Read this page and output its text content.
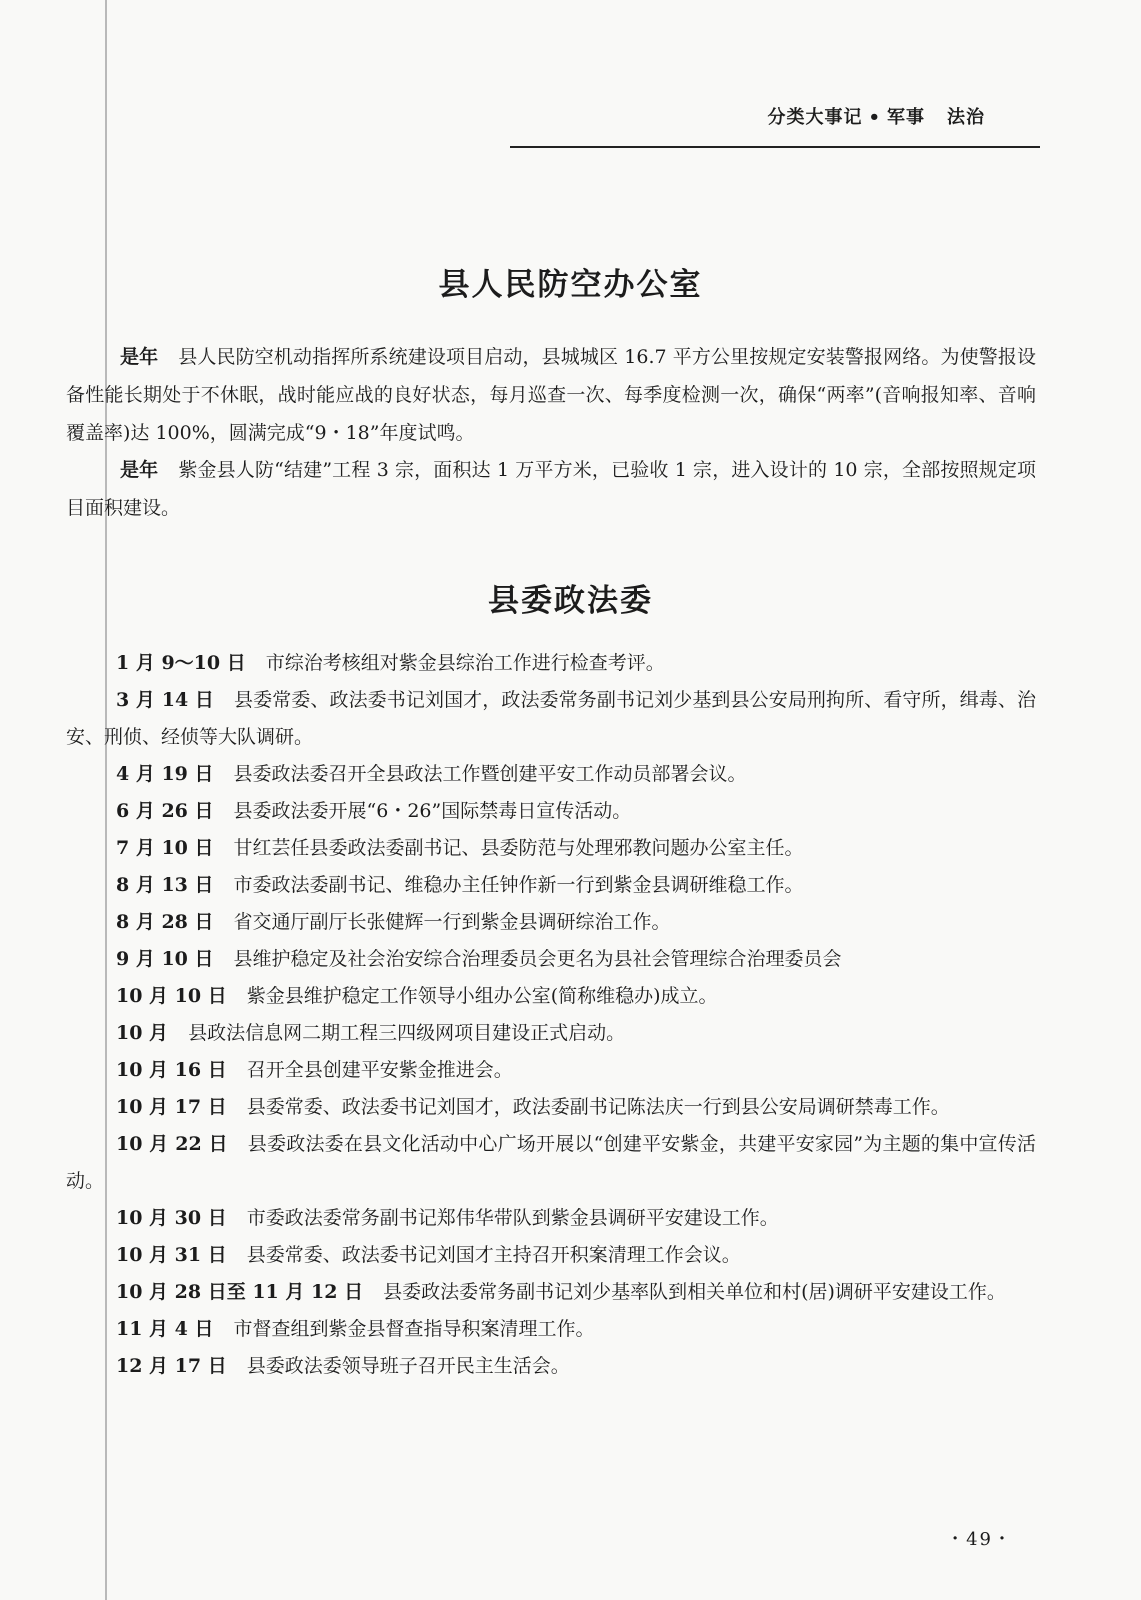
分类大事记 • 军事 法治
县人民防空办公室

是年 县人民防空机动指挥所系统建设项目启动，县城城区 16.7 平方公里按规定安装警报网络。为使警报设备性能长期处于不休眠，战时能应战的良好状态，每月巡查一次、每季度检测一次，确保“两率”(音响报知率、音响覆盖率)达 100%，圆满完成“9・18”年度试鸣。

是年 紫金县人防“结建”工程 3 宗，面积达 1 万平方米，已验收 1 宗，进入设计的 10 宗，全部按照规定项目面积建设。

县委政法委
1 月 9～10 日 市综治考核组对紫金县综治工作进行检查考评。
3 月 14 日 县委常委、政法委书记刘国才，政法委常务副书记刘少基到县公安局刑拘所、看守所，缉毒、治安、刑侦、经侦等大队调研。
4 月 19 日 县委政法委召开全县政法工作暨创建平安工作动员部署会议。
6 月 26 日 县委政法委开展“6・26”国际禁毒日宣传活动。
7 月 10 日 甘红芸任县委政法委副书记、县委防范与处理邪教问题办公室主任。
8 月 13 日 市委政法委副书记、维稳办主任钟作新一行到紫金县调研维稳工作。
8 月 28 日 省交通厅副厅长张健辉一行到紫金县调研综治工作。
9 月 10 日 县维护稳定及社会治安综合治理委员会更名为县社会管理综合治理委员会
10 月 10 日 紫金县维护稳定工作领导小组办公室(简称维稳办)成立。
10 月 县政法信息网二期工程三四级网项目建设正式启动。
10 月 16 日 召开全县创建平安紫金推进会。
10 月 17 日 县委常委、政法委书记刘国才，政法委副书记陈法庆一行到县公安局调研禁毒工作。
10 月 22 日 县委政法委在县文化活动中心广场开展以“创建平安紫金，共建平安家园”为主题的集中宣传活动。
10 月 30 日 市委政法委常务副书记郑伟华带队到紫金县调研平安建设工作。
10 月 31 日 县委常委、政法委书记刘国才主持召开积案清理工作会议。
10 月 28 日至 11 月 12 日 县委政法委常务副书记刘少基率队到相关单位和村(居)调研平安建设工作。
11 月 4 日 市督查组到紫金县督查指导积案清理工作。
12 月 17 日 县委政法委领导班子召开民主生活会。
・49・
